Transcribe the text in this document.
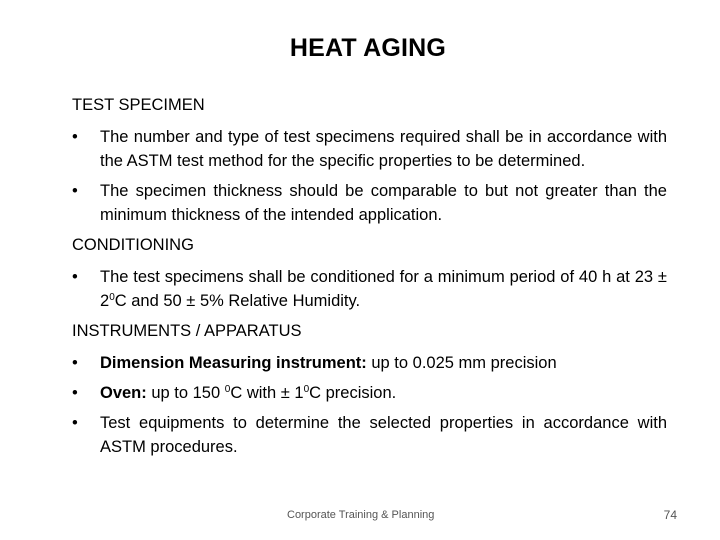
HEAT AGING
TEST SPECIMEN
• The number and type of test specimens required shall be in accordance with the ASTM test method for the specific properties to be determined.
• The specimen thickness should be comparable to but not greater than the minimum thickness of the intended application.
CONDITIONING
• The test specimens shall be conditioned for a minimum period of 40 h at $23 \pm 2^0C$ and 50 ± 5% Relative Humidity.
INSTRUMENTS / APPARATUS
• Dimension Measuring instrument: up to 0.025 mm precision
• Oven: up to 150 $^0$C with ± $1^0C$ precision.
• Test equipments to determine the selected properties in accordance with ASTM procedures.
Corporate Training & Planning	74
